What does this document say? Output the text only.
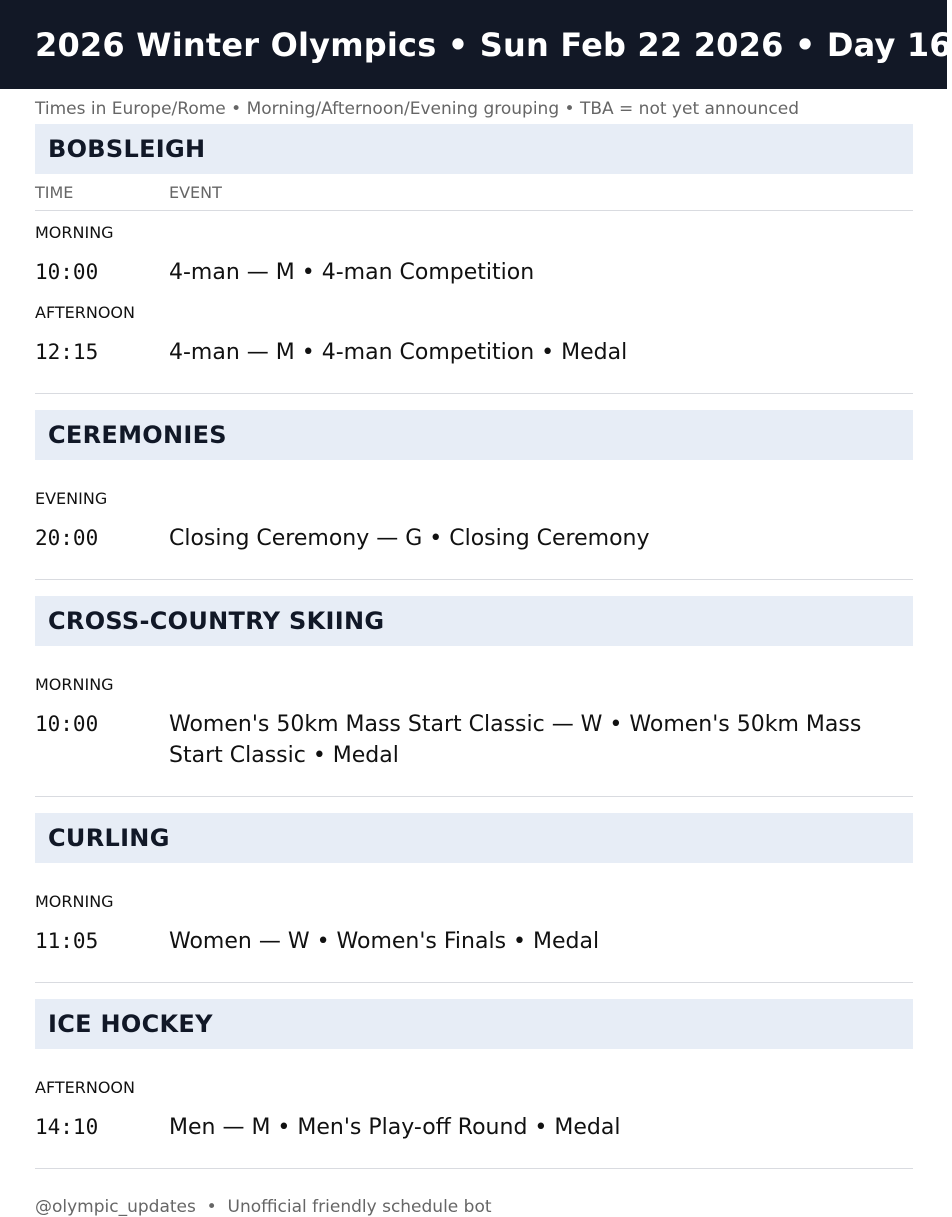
2026 Winter Olympics • Sun Feb 22 2026 • Day 16
Times in Europe/Rome • Morning/Afternoon/Evening grouping • TBA = not yet announced
BOBSLEIGH
TIME	EVENT
MORNING
10:00	4-man — M • 4-man Competition
AFTERNOON
12:15	4-man — M • 4-man Competition • Medal
CEREMONIES
EVENING
20:00	Closing Ceremony — G • Closing Ceremony
CROSS-COUNTRY SKIING
MORNING
10:00	Women's 50km Mass Start Classic — W • Women's 50km Mass Start Classic • Medal
CURLING
MORNING
11:05	Women — W • Women's Finals • Medal
ICE HOCKEY
AFTERNOON
14:10	Men — M • Men's Play-off Round • Medal
@olympic_updates  •  Unofficial friendly schedule bot
